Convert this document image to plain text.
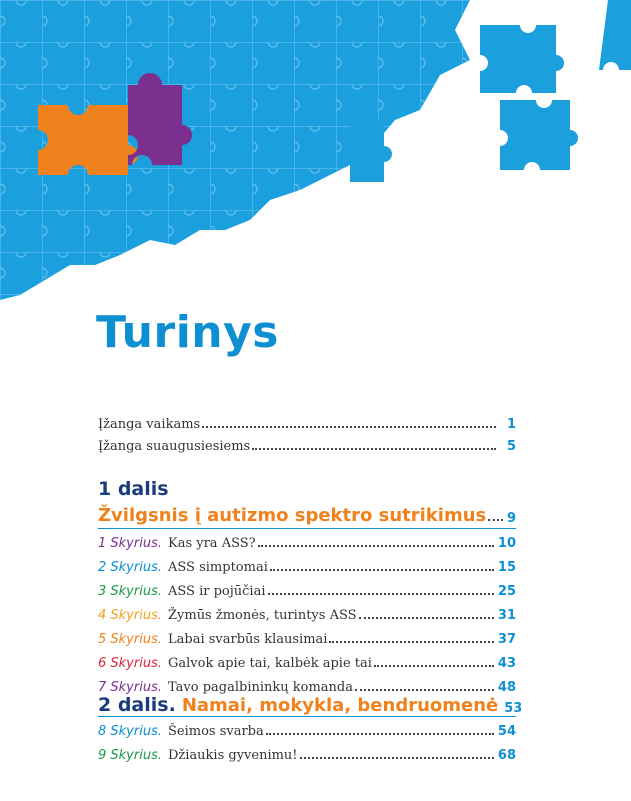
Turinys
Įžanga vaikams	1
Įžanga suaugusiesiems	5
1 dalis
Žvilgsnis į autizmo spektro sutrikimus 9
1 Skyrius. Kas yra ASS?	10
2 Skyrius. ASS simptomai	15
3 Skyrius. ASS ir pojūčiai	25
4 Skyrius. Žymūs žmonės, turintys ASS	31
5 Skyrius. Labai svarbūs klausimai	37
6 Skyrius. Galvok apie tai, kalbėk apie tai	43
7 Skyrius. Tavo pagalbininkų komanda	48
2 dalis. Namai, mokykla, bendruomenė 53
8 Skyrius. Šeimos svarba	54
9 Skyrius. Džiaukis gyvenimu!	68
